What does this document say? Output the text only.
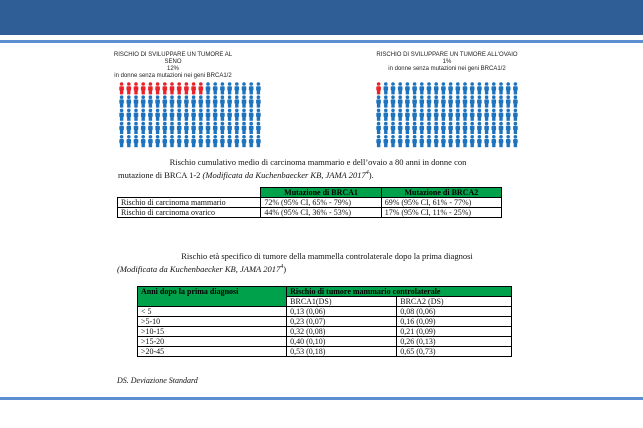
RISCHIO DI SVILUPPARE UN TUMORE AL SENO
12%
in donne senza mutazioni nei geni BRCA1/2
RISCHIO DI SVILUPPARE UN TUMORE ALL'OVAIO
1%
in donne senza mutazioni nei geni BRCA1/2
Rischio cumulativo medio di carcinoma mammario e dell’ovaio a 80 anni in donne con
mutazione di BRCA 1-2 (Modificata da Kuchenbaecker KB, JAMA 2017$^4$).
	Mutazione di BRCA1	Mutazione di BRCA2
Rischio di carcinoma mammario	72% (95% CI, 65% - 79%)	69% (95% CI, 61% - 77%)
Rischio di carcinoma ovarico	44% (95% CI, 36% - 53%)	17% (95% CI, 11% - 25%)
Rischio età specifico di tumore della mammella controlaterale dopo la prima diagnosi
(Modificata da Kuchenbaecker KB, JAMA 2017$^4$)
Anni dopo la prima diagnosi	Rischio di tumore mammario controlaterale	
	BRCA1(DS)	BRCA2 (DS)
< 5	0,13 (0,06)	0,08 (0,06)
>5-10	0,23 (0,07)	0,16 (0,09)
>10-15	0,32 (0,08)	0,21 (0,09)
>15-20	0,40 (0,10)	0,26 (0,13)
>20-45	0,53 (0,18)	0,65 (0,73)
DS. Deviazione Standard
